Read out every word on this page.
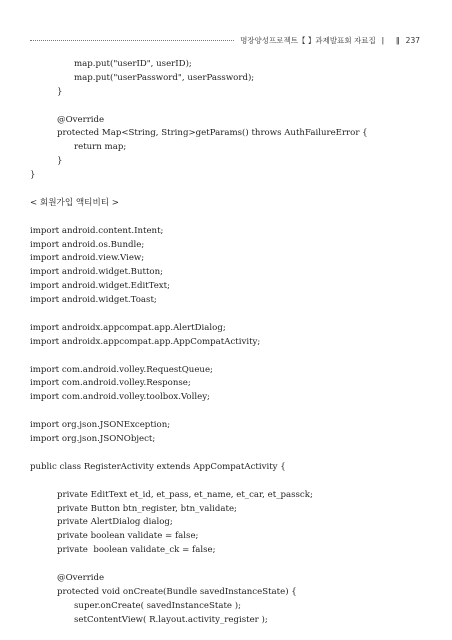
명장양성프로젝트【 】과제발표회 자료집 ǀ ǁ 237
map.put("userID", userID);
map.put("userPassword", userPassword);
}
@Override
protected Map<String, String>getParams() throws AuthFailureError {
return map;
}
}
< 회원가입 액티비티 >
import android.content.Intent;
import android.os.Bundle;
import android.view.View;
import android.widget.Button;
import android.widget.EditText;
import android.widget.Toast;
import androidx.appcompat.app.AlertDialog;
import androidx.appcompat.app.AppCompatActivity;
import com.android.volley.RequestQueue;
import com.android.volley.Response;
import com.android.volley.toolbox.Volley;
import org.json.JSONException;
import org.json.JSONObject;
public class RegisterActivity extends AppCompatActivity {
private EditText et_id, et_pass, et_name, et_car, et_passck;
private Button btn_register, btn_validate;
private AlertDialog dialog;
private boolean validate = false;
private  boolean validate_ck = false;
@Override
protected void onCreate(Bundle savedInstanceState) {
super.onCreate( savedInstanceState );
setContentView( R.layout.activity_register );
